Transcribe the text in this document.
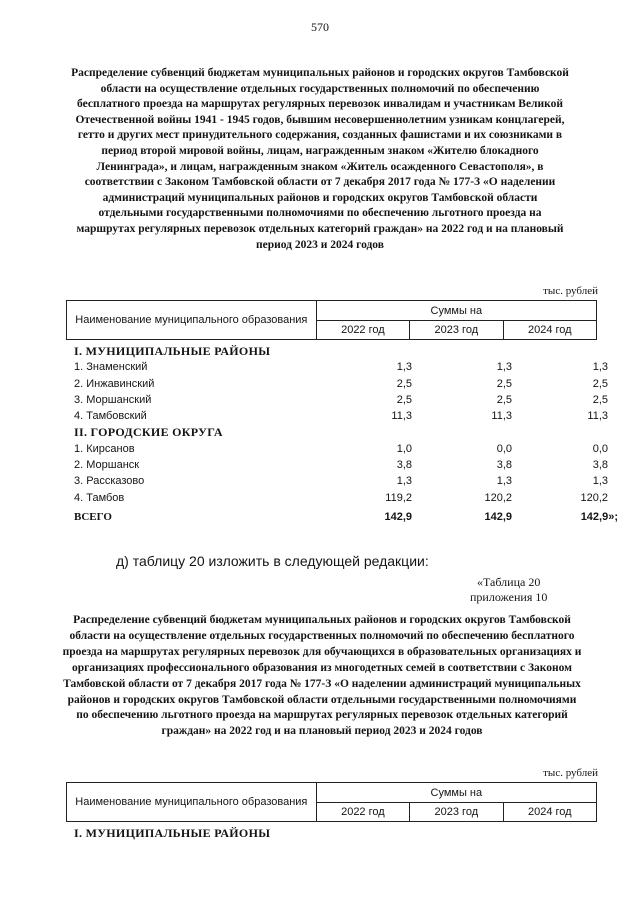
570
Распределение субвенций бюджетам муниципальных районов и городских округов Тамбовской области на осуществление отдельных государственных полномочий по обеспечению бесплатного проезда на маршрутах регулярных перевозок инвалидам и участникам Великой Отечественной войны 1941 - 1945 годов, бывшим несовершеннолетним узникам концлагерей, гетто и других мест принудительного содержания, созданных фашистами и их союзниками в период второй мировой войны, лицам, награжденным знаком «Жителю блокадного Ленинграда», и лицам, награжденным знаком «Житель осажденного Севастополя», в соответствии с Законом Тамбовской области от 7 декабря 2017 года № 177-З «О наделении администраций муниципальных районов и городских округов Тамбовской области отдельными государственными полномочиями по обеспечению льготного проезда на маршрутах регулярных перевозок отдельных категорий граждан» на 2022 год и на плановый период 2023 и 2024 годов
тыс. рублей
Наименование муниципального образования	Суммы на		
	2022 год	2023 год	2024 год
I. МУНИЦИПАЛЬНЫЕ РАЙОНЫ
1. Знаменский	1,3	1,3	1,3
2. Инжавинский	2,5	2,5	2,5
3. Моршанский	2,5	2,5	2,5
4. Тамбовский	11,3	11,3	11,3
II. ГОРОДСКИЕ ОКРУГА
1. Кирсанов	1,0	0,0	0,0
2. Моршанск	3,8	3,8	3,8
3. Рассказово	1,3	1,3	1,3
4. Тамбов	119,2	120,2	120,2
ВСЕГО	142,9	142,9	142,9»;
д) таблицу 20 изложить в следующей редакции:
«Таблица 20
приложения 10
Распределение субвенций бюджетам муниципальных районов и городских округов Тамбовской области на осуществление отдельных государственных полномочий по обеспечению бесплатного проезда на маршрутах регулярных перевозок для обучающихся в образовательных организациях и организациях профессионального образования из многодетных семей в соответствии с Законом Тамбовской области от 7 декабря 2017 года № 177-З «О наделении администраций муниципальных районов и городских округов Тамбовской области отдельными государственными полномочиями по обеспечению льготного проезда на маршрутах регулярных перевозок отдельных категорий граждан» на 2022 год и на плановый период 2023 и 2024 годов
тыс. рублей
Наименование муниципального образования	Суммы на		
	2022 год	2023 год	2024 год
I. МУНИЦИПАЛЬНЫЕ РАЙОНЫ
